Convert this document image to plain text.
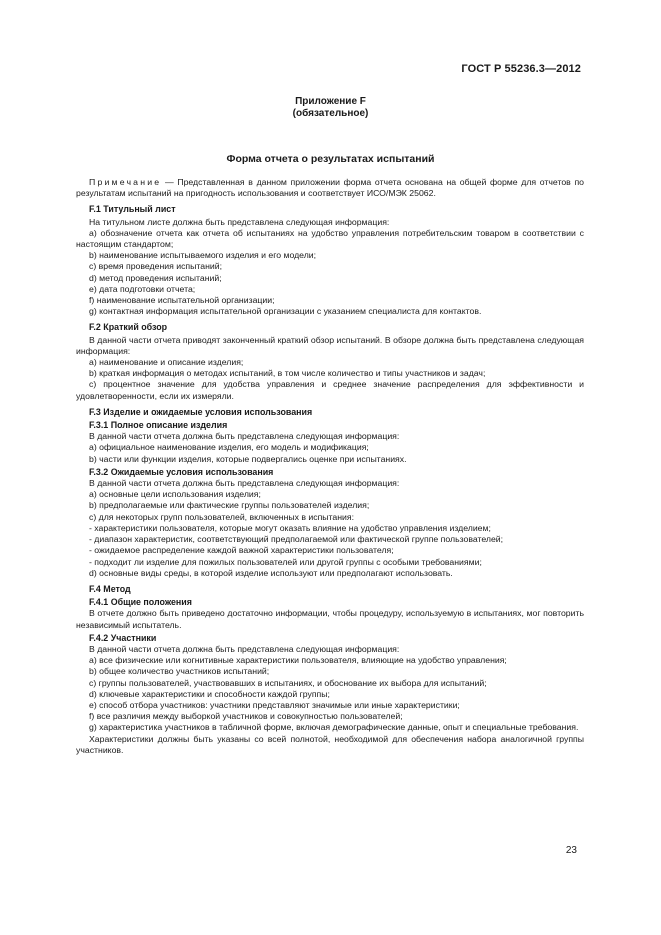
ГОСТ Р 55236.3—2012
Приложение F
(обязательное)
Форма отчета о результатах испытаний

Примечание — Представленная в данном приложении форма отчета основана на общей форме для отчетов по результатам испытаний на пригодность использования и соответствует ИСО/МЭК 25062.

F.1 Титульный лист

На титульном листе должна быть представлена следующая информация:

a) обозначение отчета как отчета об испытаниях на удобство управления потребительским товаром в соответствии с настоящим стандартом;

b) наименование испытываемого изделия и его модели;

c) время проведения испытаний;

d) метод проведения испытаний;

e) дата подготовки отчета;

f) наименование испытательной организации;

g) контактная информация испытательной организации с указанием специалиста для контактов.

F.2 Краткий обзор

В данной части отчета приводят законченный краткий обзор испытаний. В обзоре должна быть представлена следующая информация:

a) наименование и описание изделия;

b) краткая информация о методах испытаний, в том числе количество и типы участников и задач;

c) процентное значение для удобства управления и среднее значение распределения для эффективности и удовлетворенности, если их измеряли.

F.3 Изделие и ожидаемые условия использования
F.3.1 Полное описание изделия

В данной части отчета должна быть представлена следующая информация:

a) официальное наименование изделия, его модель и модификация;

b) части или функции изделия, которые подвергались оценке при испытаниях.

F.3.2 Ожидаемые условия использования

В данной части отчета должна быть представлена следующая информация:

a) основные цели использования изделия;

b) предполагаемые или фактические группы пользователей изделия;

c) для некоторых групп пользователей, включенных в испытания:

- характеристики пользователя, которые могут оказать влияние на удобство управления изделием;

- диапазон характеристик, соответствующий предполагаемой или фактической группе пользователей;

- ожидаемое распределение каждой важной характеристики пользователя;

- подходит ли изделие для пожилых пользователей или другой группы с особыми требованиями;

d) основные виды среды, в которой изделие используют или предполагают использовать.

F.4 Метод
F.4.1 Общие положения

В отчете должно быть приведено достаточно информации, чтобы процедуру, используемую в испытаниях, мог повторить независимый испытатель.

F.4.2 Участники

В данной части отчета должна быть представлена следующая информация:

a) все физические или когнитивные характеристики пользователя, влияющие на удобство управления;

b) общее количество участников испытаний;

c) группы пользователей, участвовавших в испытаниях, и обоснование их выбора для испытаний;

d) ключевые характеристики и способности каждой группы;

e) способ отбора участников: участники представляют значимые или иные характеристики;

f) все различия между выборкой участников и совокупностью пользователей;

g) характеристика участников в табличной форме, включая демографические данные, опыт и специальные требования.

Характеристики должны быть указаны со всей полнотой, необходимой для обеспечения набора аналогичной группы участников.

23
